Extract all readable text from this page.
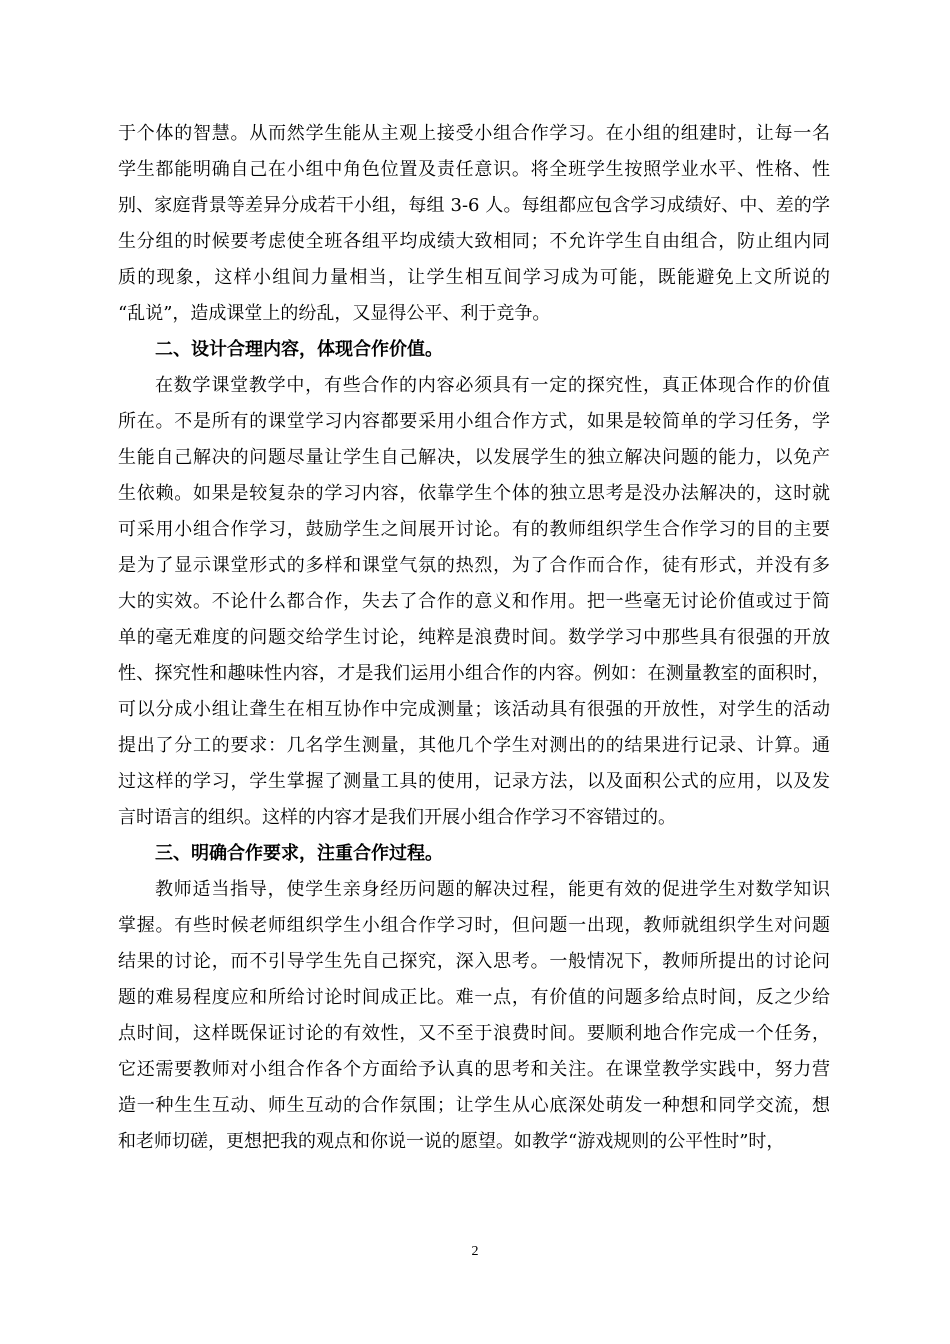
于个体的智慧。从而然学生能从主观上接受小组合作学习。在小组的组建时，让每一名
学生都能明确自己在小组中角色位置及责任意识。将全班学生按照学业水平、性格、性
别、家庭背景等差异分成若干小组，每组 3-6 人。每组都应包含学习成绩好、中、差的学
生分组的时候要考虑使全班各组平均成绩大致相同；不允许学生自由组合，防止组内同
质的现象，这样小组间力量相当，让学生相互间学习成为可能，既能避免上文所说的
“乱说”，造成课堂上的纷乱，又显得公平、利于竞争。
二、设计合理内容，体现合作价值。
在数学课堂教学中，有些合作的内容必须具有一定的探究性，真正体现合作的价值
所在。不是所有的课堂学习内容都要采用小组合作方式，如果是较简单的学习任务，学
生能自己解决的问题尽量让学生自己解决，以发展学生的独立解决问题的能力，以免产
生依赖。如果是较复杂的学习内容，依靠学生个体的独立思考是没办法解决的，这时就
可采用小组合作学习，鼓励学生之间展开讨论。有的教师组织学生合作学习的目的主要
是为了显示课堂形式的多样和课堂气氛的热烈，为了合作而合作，徒有形式，并没有多
大的实效。不论什么都合作，失去了合作的意义和作用。把一些毫无讨论价值或过于简
单的毫无难度的问题交给学生讨论，纯粹是浪费时间。数学学习中那些具有很强的开放
性、探究性和趣味性内容，才是我们运用小组合作的内容。例如：在测量教室的面积时，
可以分成小组让聋生在相互协作中完成测量；该活动具有很强的开放性，对学生的活动
提出了分工的要求：几名学生测量，其他几个学生对测出的的结果进行记录、计算。通
过这样的学习，学生掌握了测量工具的使用，记录方法，以及面积公式的应用，以及发
言时语言的组织。这样的内容才是我们开展小组合作学习不容错过的。
三、明确合作要求，注重合作过程。
教师适当指导，使学生亲身经历问题的解决过程，能更有效的促进学生对数学知识
掌握。有些时候老师组织学生小组合作学习时，但问题一出现，教师就组织学生对问题
结果的讨论，而不引导学生先自己探究，深入思考。一般情况下，教师所提出的讨论问
题的难易程度应和所给讨论时间成正比。难一点，有价值的问题多给点时间，反之少给
点时间，这样既保证讨论的有效性，又不至于浪费时间。要顺利地合作完成一个任务，
它还需要教师对小组合作各个方面给予认真的思考和关注。在课堂教学实践中，努力营
造一种生生互动、师生互动的合作氛围；让学生从心底深处萌发一种想和同学交流，想
和老师切磋，更想把我的观点和你说一说的愿望。如教学“游戏规则的公平性时”时，
2
